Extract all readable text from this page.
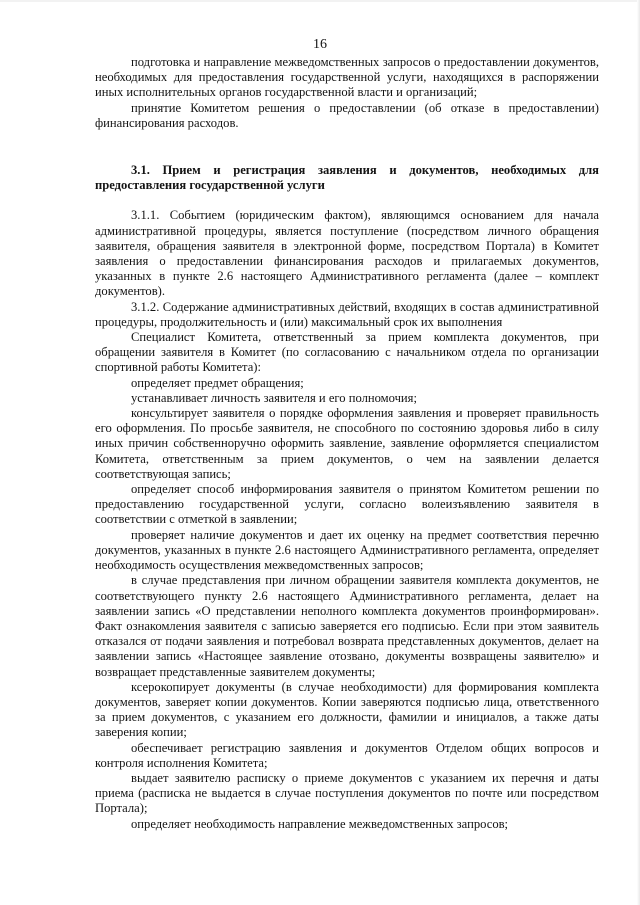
16

подготовка и направление межведомственных запросов о предоставлении документов, необходимых для предоставления государственной услуги, находящихся в распоряжении иных исполнительных органов государственной власти и организаций;

принятие Комитетом решения о предоставлении (об отказе в предоставлении) финансирования расходов.

3.1. Прием и регистрация заявления и документов, необходимых для предоставления государственной услуги

3.1.1. Событием (юридическим фактом), являющимся основанием для начала административной процедуры, является поступление (посредством личного обращения заявителя, обращения заявителя в электронной форме, посредством Портала) в Комитет заявления о предоставлении финансирования расходов и прилагаемых документов, указанных в пункте 2.6 настоящего Административного регламента (далее – комплект документов).

3.1.2. Содержание административных действий, входящих в состав административной процедуры, продолжительность и (или) максимальный срок их выполнения

Специалист Комитета, ответственный за прием комплекта документов, при обращении заявителя в Комитет (по согласованию с начальником отдела по организации спортивной работы Комитета):

определяет предмет обращения;

устанавливает личность заявителя и его полномочия;

консультирует заявителя о порядке оформления заявления и проверяет правильность его оформления. По просьбе заявителя, не способного по состоянию здоровья либо в силу иных причин собственноручно оформить заявление, заявление оформляется специалистом Комитета, ответственным за прием документов, о чем на заявлении делается соответствующая запись;

определяет способ информирования заявителя о принятом Комитетом решении по предоставлению государственной услуги, согласно волеизъявлению заявителя в соответствии с отметкой в заявлении;

проверяет наличие документов и дает их оценку на предмет соответствия перечню документов, указанных в пункте 2.6 настоящего Административного регламента, определяет необходимость осуществления межведомственных запросов;

в случае представления при личном обращении заявителя комплекта документов, не соответствующего пункту 2.6 настоящего Административного регламента, делает на заявлении запись «О представлении неполного комплекта документов проинформирован». Факт ознакомления заявителя с записью заверяется его подписью. Если при этом заявитель отказался от подачи заявления и потребовал возврата представленных документов, делает на заявлении запись «Настоящее заявление отозвано, документы возвращены заявителю» и возвращает представленные заявителем документы;

ксерокопирует документы (в случае необходимости) для формирования комплекта документов, заверяет копии документов. Копии заверяются подписью лица, ответственного за прием документов, с указанием его должности, фамилии и инициалов, а также даты заверения копии;

обеспечивает регистрацию заявления и документов Отделом общих вопросов и контроля исполнения Комитета;

выдает заявителю расписку о приеме документов с указанием их перечня и даты приема (расписка не выдается в случае поступления документов по почте или посредством Портала);

определяет необходимость направление межведомственных запросов;
